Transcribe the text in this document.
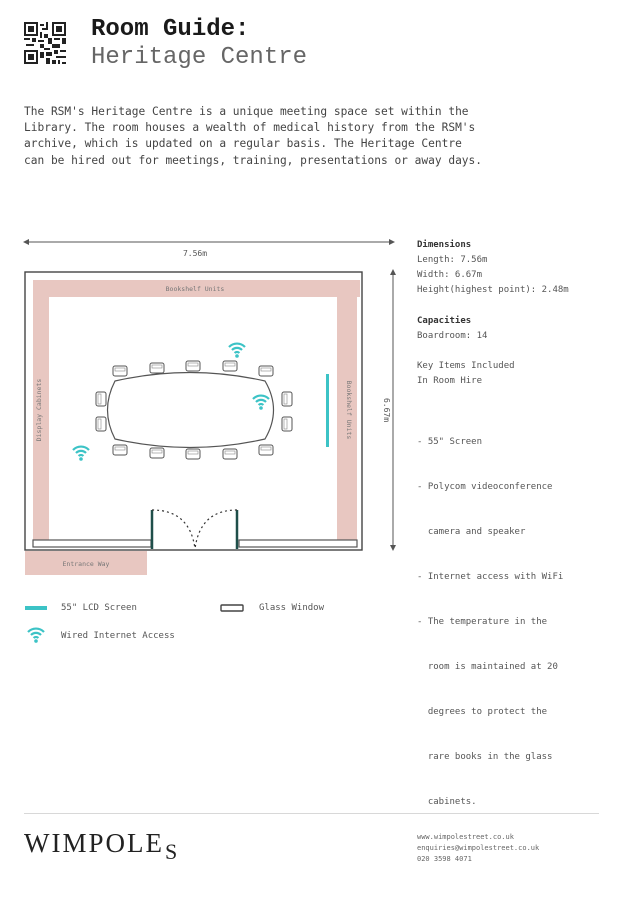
Room Guide:
Heritage Centre
The RSM's Heritage Centre is a unique meeting space set within the
Library. The room houses a wealth of medical history from the RSM's
archive, which is updated on a regular basis. The Heritage Centre
can be hired out for meetings, training, presentations or away days.
7.56m
6.67m
Bookshelf Units
Display Cabinets	Bookshelf Units
Entrance Way
Dimensions
Length: 7.56m
Width: 6.67m
Height(highest point): 2.48m
Capacities
Boardroom: 14
Key Items Included
In Room Hire

- 55" Screen

- Polycom videoconference

camera and speaker

- Internet access with WiFi

- The temperature in the

room is maintained at 20

degrees to protect the

rare books in the glass

cabinets.

55" LCD Screen	Glass Window
Wired Internet Access
$WIMPOLE_S$
www.wimpolestreet.co.uk
enquiries@wimpolestreet.co.uk
020 3598 4071
